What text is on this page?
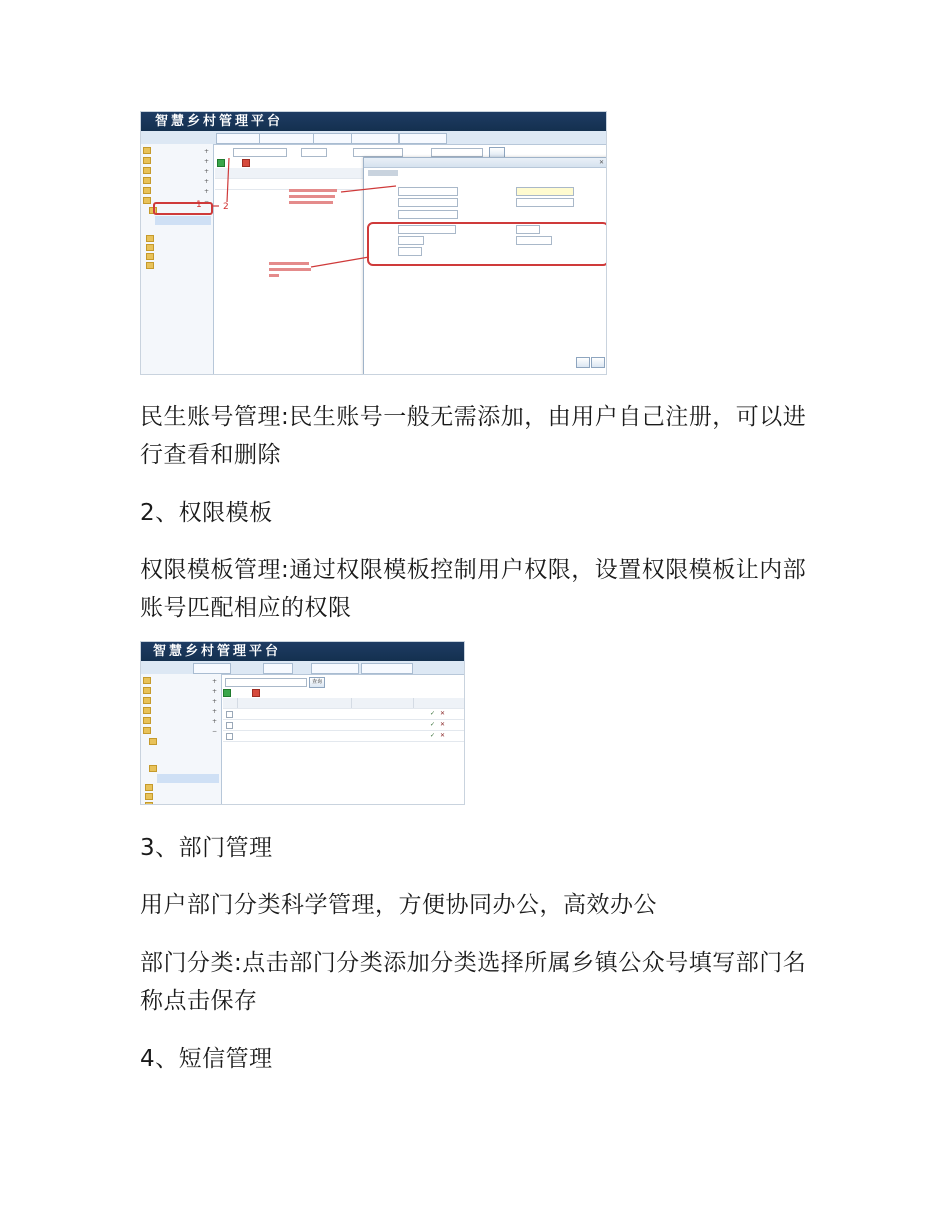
智慧乡村管理平台
+
+
+
+
+
−

✕
1 2

民生账号管理:民生账号一般无需添加，由用户自己注册，可以进行查看和删除

2、权限模板

权限模板管理:通过权限模板控制用户权限，设置权限模板让内部账号匹配相应的权限

智慧乡村管理平台
+
+
+
+
+
−
查询

✓ ✕
✓ ✕
✓ ✕

3、部门管理

用户部门分类科学管理，方便协同办公，高效办公

部门分类:点击部门分类添加分类选择所属乡镇公众号填写部门名称点击保存

4、短信管理
